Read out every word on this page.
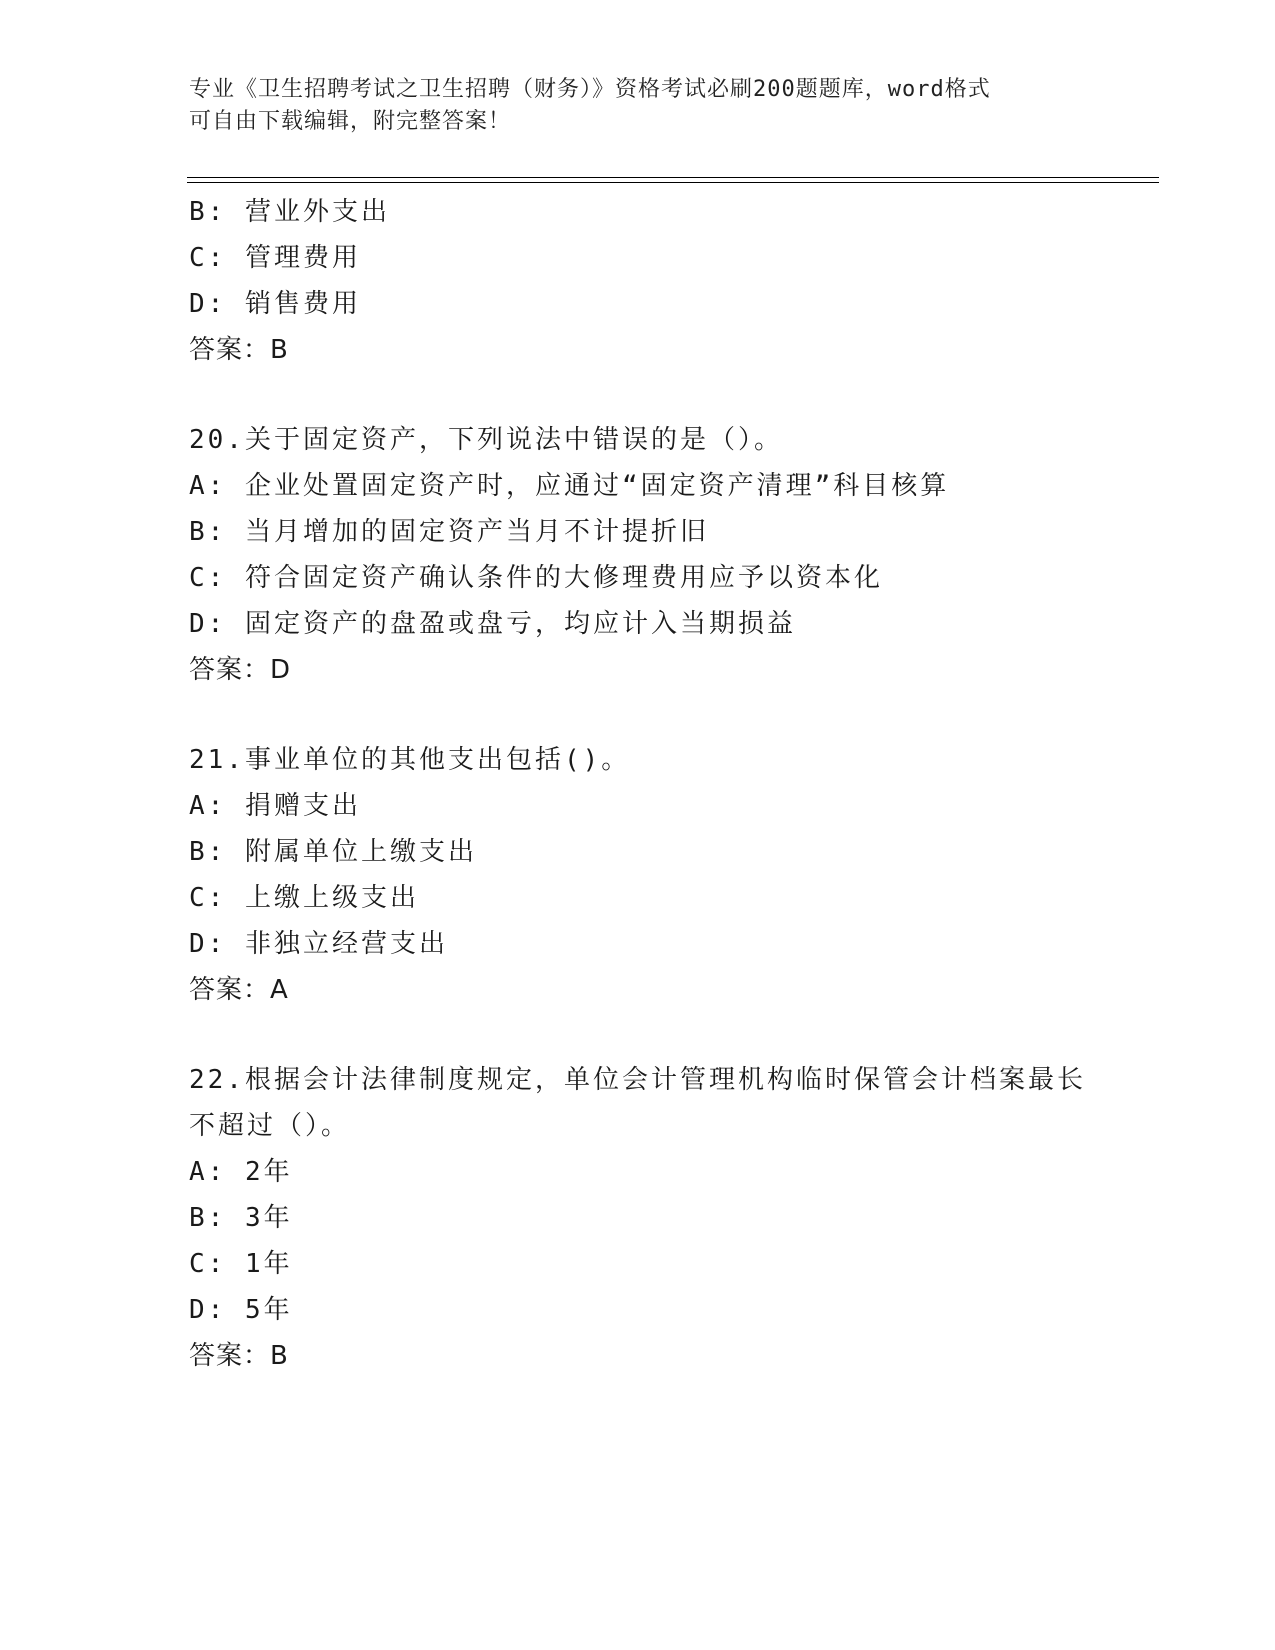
专业《卫生招聘考试之卫生招聘（财务）》资格考试必刷200题题库，word格式
可自由下载编辑，附完整答案！
B: 营业外支出
C: 管理费用
D: 销售费用
答案：B
20.关于固定资产，下列说法中错误的是（）。
A: 企业处置固定资产时，应通过“固定资产清理”科目核算
B: 当月增加的固定资产当月不计提折旧
C: 符合固定资产确认条件的大修理费用应予以资本化
D: 固定资产的盘盈或盘亏，均应计入当期损益
答案：D
21.事业单位的其他支出包括()。
A: 捐赠支出
B: 附属单位上缴支出
C: 上缴上级支出
D: 非独立经营支出
答案：A
22.根据会计法律制度规定，单位会计管理机构临时保管会计档案最长
不超过（）。
A: 2年
B: 3年
C: 1年
D: 5年
答案：B
